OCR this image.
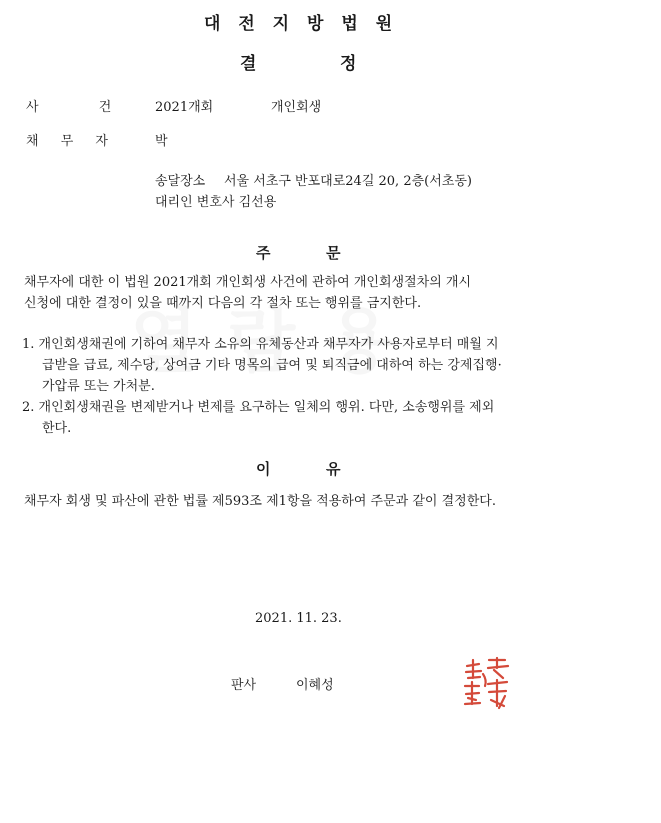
대 전 지 방 법 원
결	정
사 건 2021개회	개인회생
채 무 자	박
송달장소 서울 서초구 반포대로24길 20, 2층(서초동)
대리인 변호사 김선용
주	문
채무자에 대한 이 법원 2021개회 개인회생 사건에 관하여 개인회생절차의 개시
신청에 대한 결정이 있을 때까지 다음의 각 절차 또는 행위를 금지한다.
1. 개인회생채권에 기하여 채무자 소유의 유체동산과 채무자가 사용자로부터 매월 지
급받을 급료, 제수당, 상여금 기타 명목의 급여 및 퇴직금에 대하여 하는 강제집행·
가압류 또는 가처분.
2. 개인회생채권을 변제받거나 변제를 요구하는 일체의 행위. 다만, 소송행위를 제외
한다.
이	유
채무자 회생 및 파산에 관한 법률 제593조 제1항을 적용하여 주문과 같이 결정한다.
2021. 11. 23.
판사	이혜성
